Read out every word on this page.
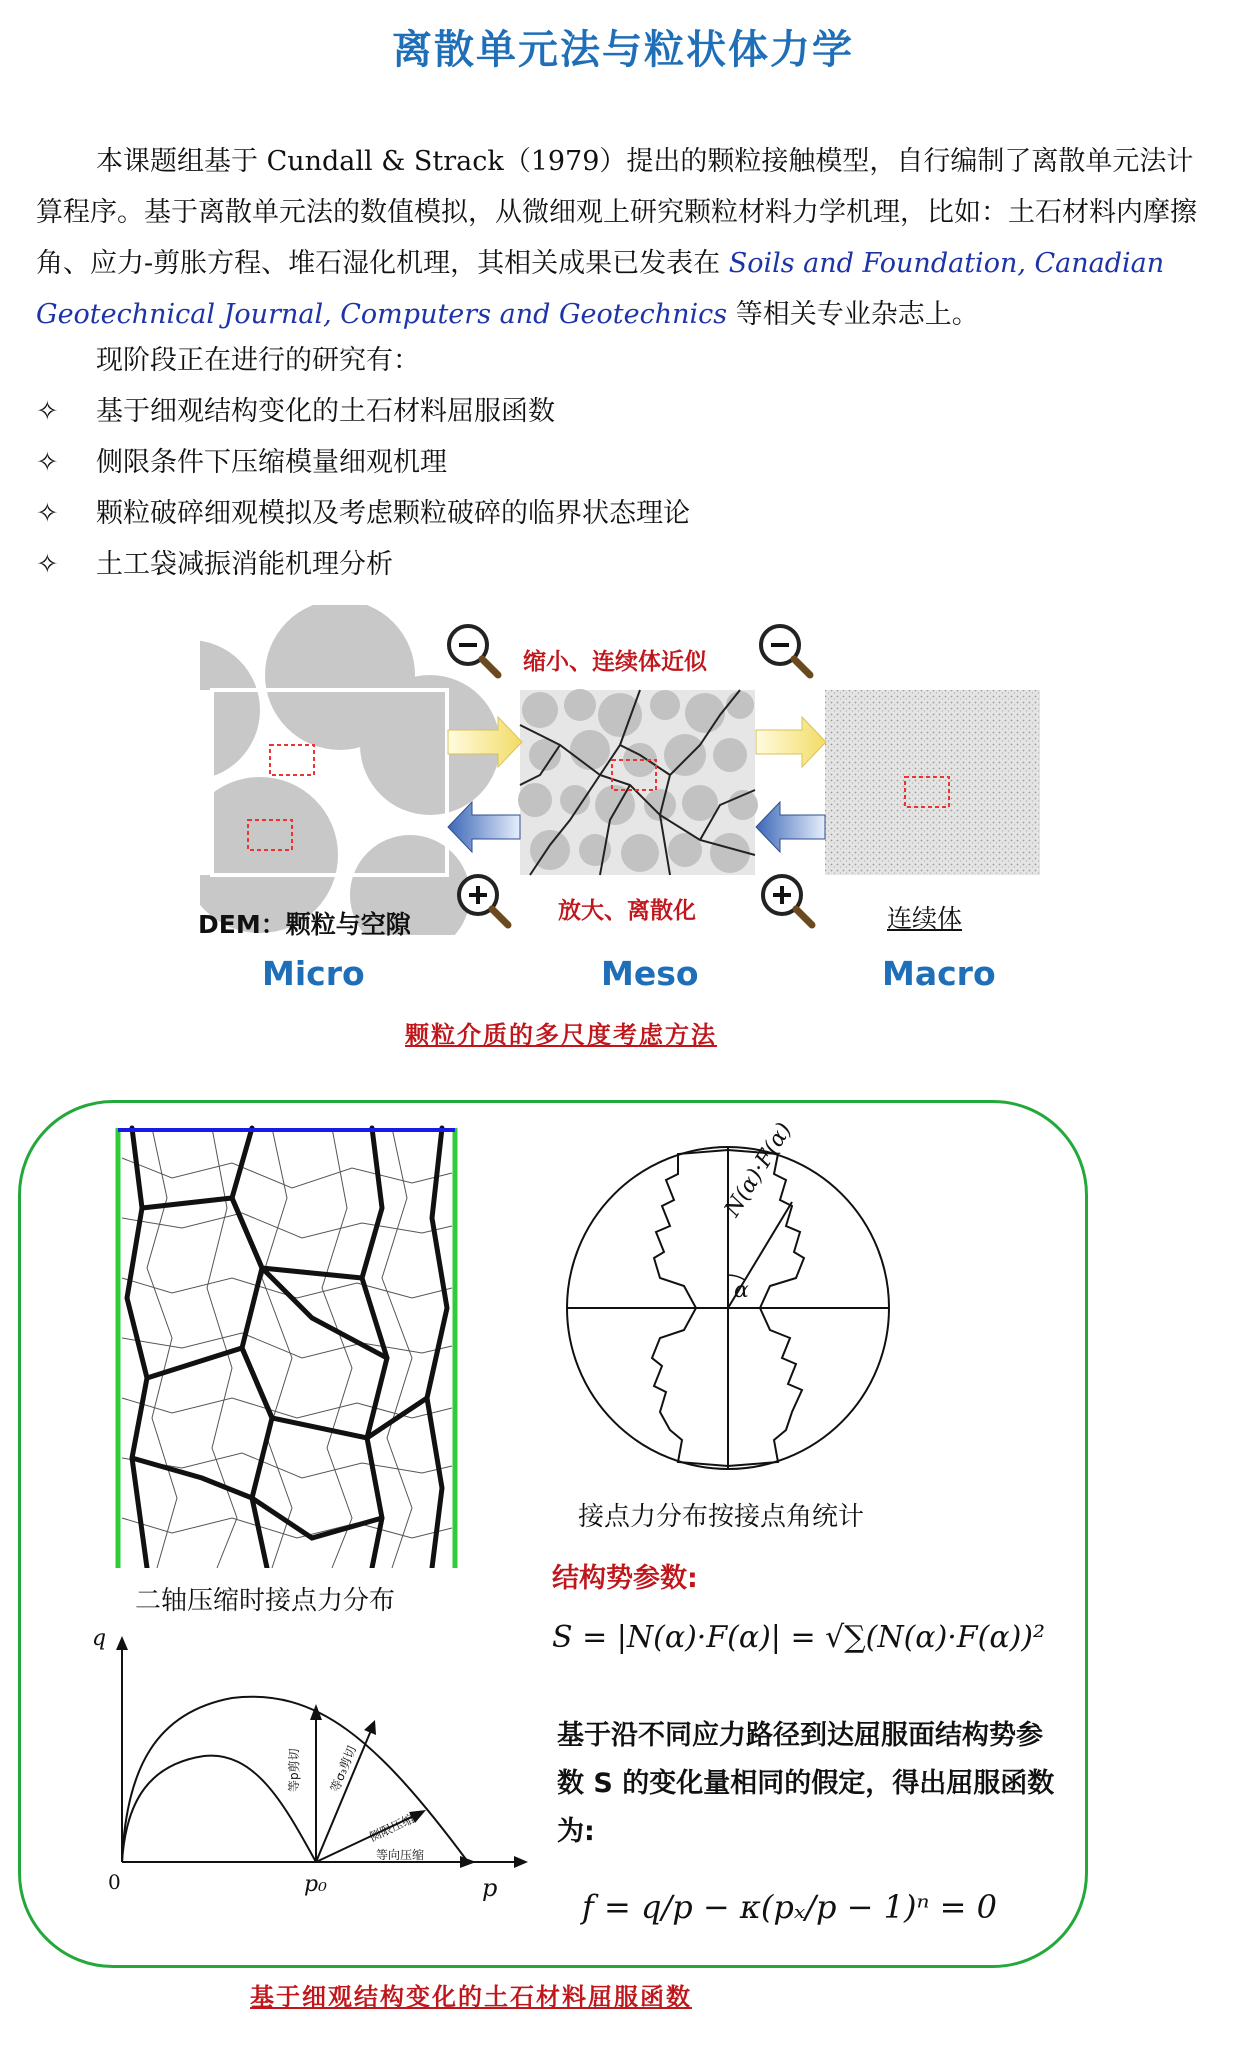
离散单元法与粒状体力学
本课题组基于 Cundall & Strack（1979）提出的颗粒接触模型，自行编制了离散单元法计算程序。基于离散单元法的数值模拟，从微细观上研究颗粒材料力学机理，比如：土石材料内摩擦角、应力-剪胀方程、堆石湿化机理，其相关成果已发表在 Soils and Foundation, Canadian Geotechnical Journal, Computers and Geotechnics 等相关专业杂志上。
现阶段正在进行的研究有：
✧ 基于细观结构变化的土石材料屈服函数
✧ 侧限条件下压缩模量细观机理
✧ 颗粒破碎细观模拟及考虑颗粒破碎的临界状态理论
✧ 土工袋减振消能机理分析
缩小、连续体近似
放大、离散化
DEM：颗粒与空隙	连续体
Micro	Meso	Macro
颗粒介质的多尺度考虑方法
二轴压缩时接点力分布
N(α)·F(α)
α
接点力分布按接点角统计
结构势参数:
S = |N(α)·F(α)| = √∑(N(α)·F(α))²
基于沿不同应力路径到达屈服面结构势参数 S 的变化量相同的假定，得出屈服函数为:
f = q/p − κ(pₓ/p − 1)ⁿ = 0
q
p
0	p₀
等p剪切 等σ₃剪切
侧限压缩
等向压缩
基于细观结构变化的土石材料屈服函数
